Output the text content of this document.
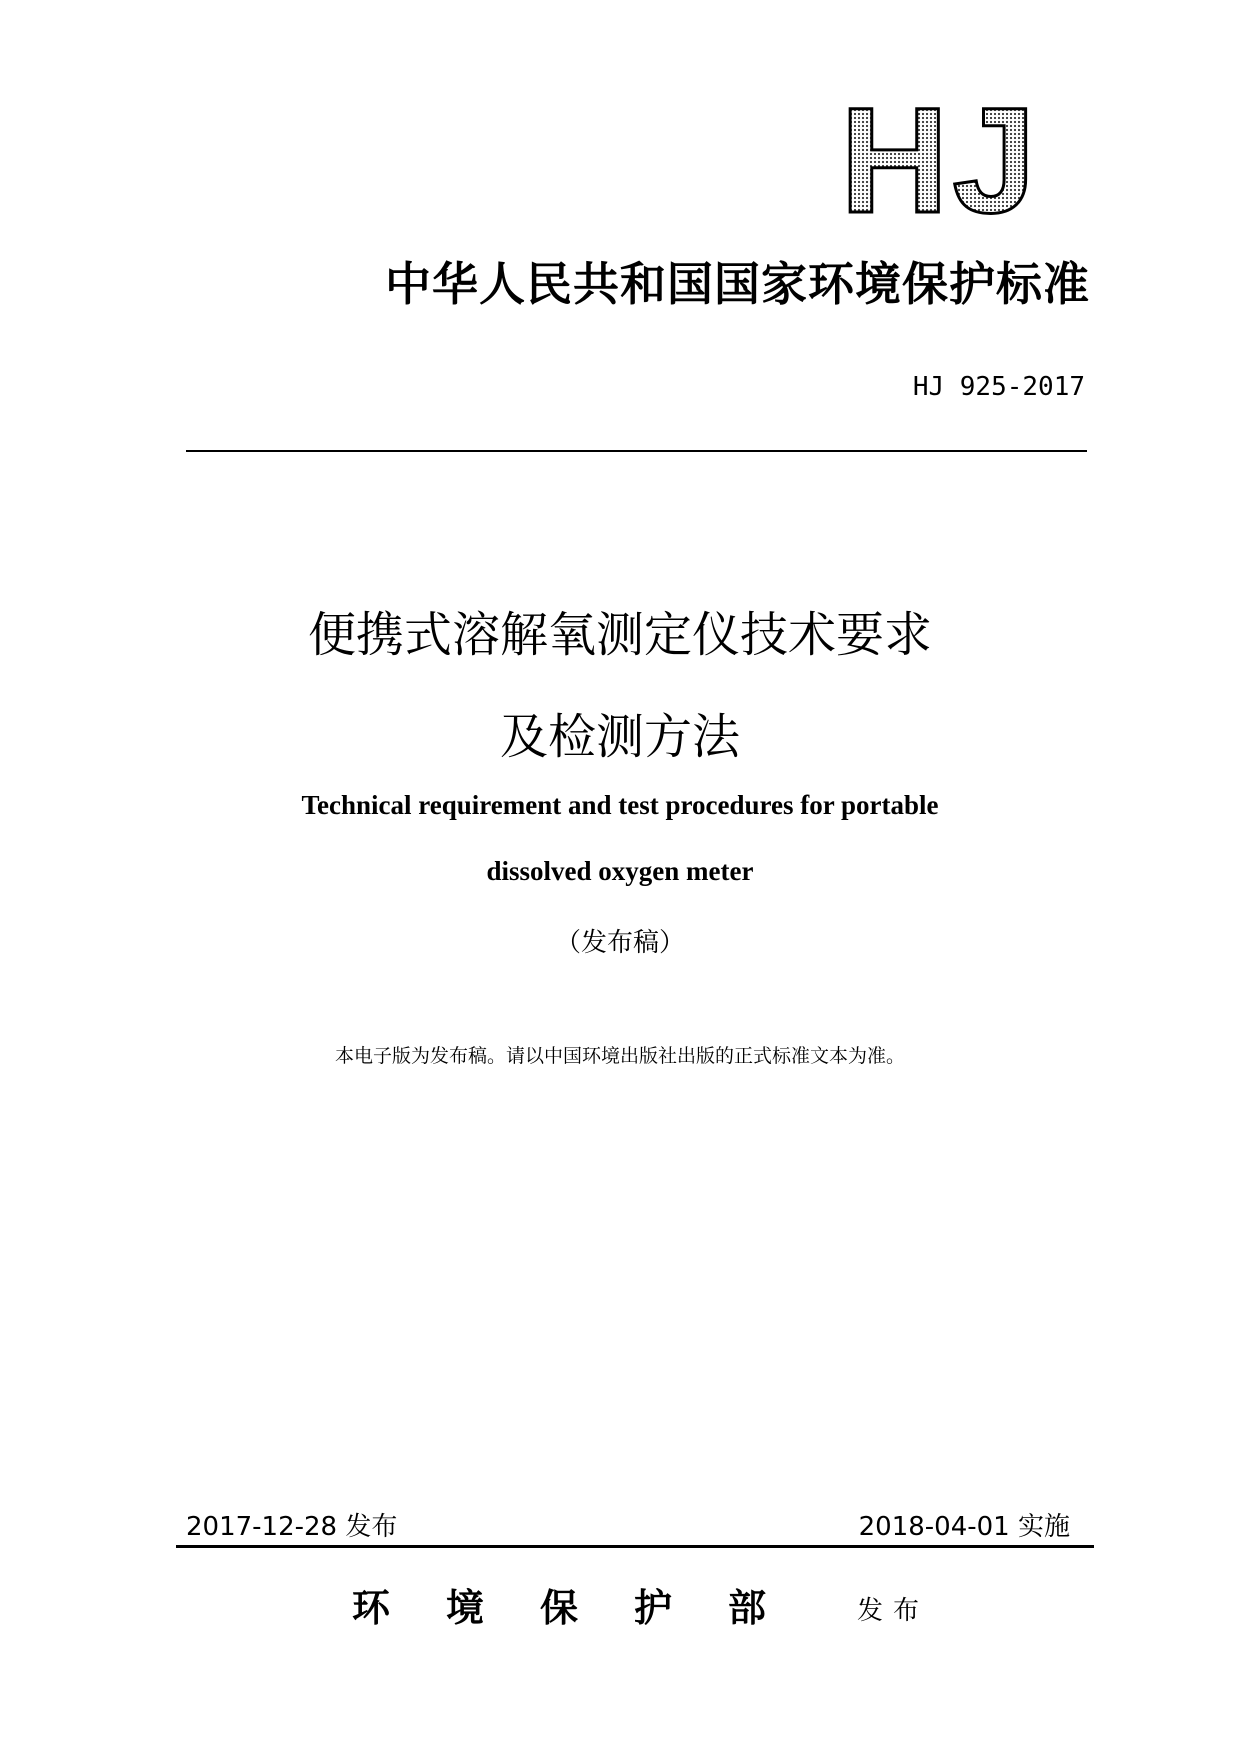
HJ
中华人民共和国国家环境保护标准
HJ 925-2017
便携式溶解氧测定仪技术要求
及检测方法
Technical requirement and test procedures for portable
dissolved oxygen meter
（发布稿）
本电子版为发布稿。请以中国环境出版社出版的正式标准文本为准。
2017-12-28 发布	2018-04-01 实施
环境保护部 发布
